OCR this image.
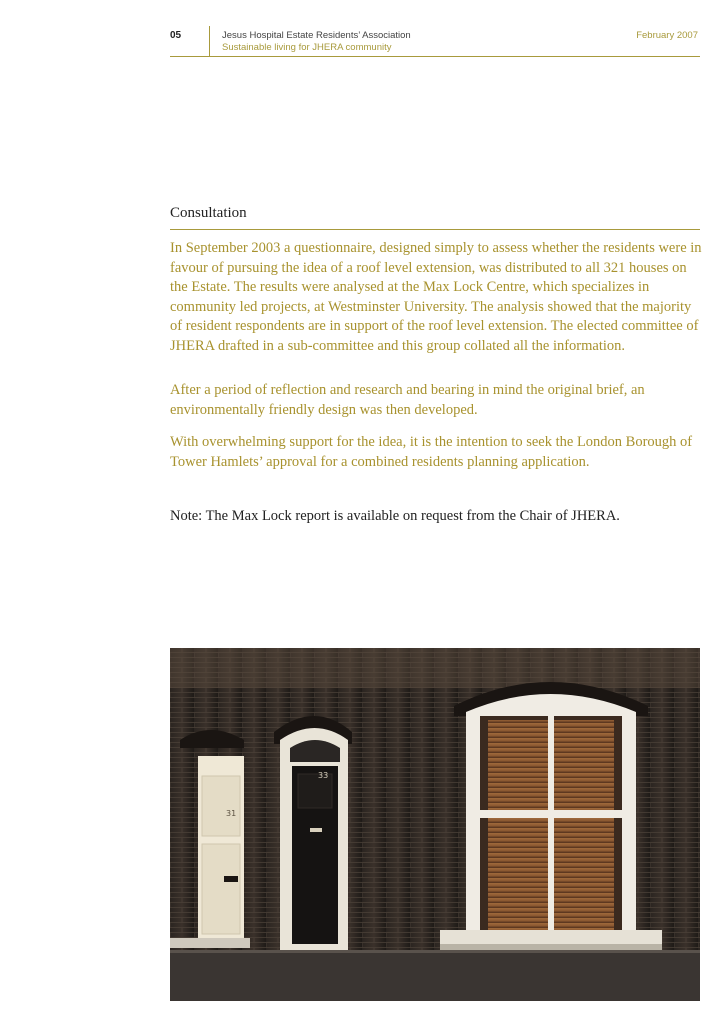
05	Jesus Hospital Estate Residents’ Association
Sustainable living for JHERA community
February 2007
Consultation

In September 2003 a questionnaire, designed simply to assess whether the residents were in favour of pursuing the idea of a roof level extension, was distributed to all 321 houses on the Estate. The results were analysed at the Max Lock Centre, which specializes in community led projects, at Westminster University. The analysis showed that the majority of resident respondents are in support of the roof level extension. The elected committee of JHERA drafted in a sub-committee and this group collated all the information.

After a period of reflection and research and bearing in mind the original brief, an environmentally friendly design was then developed.

With overwhelming support for the idea, it is the intention to seek the London Borough of Tower Hamlets’ approval for a combined residents planning application.

Note: The Max Lock report is available on request from the Chair of JHERA.

31
33
